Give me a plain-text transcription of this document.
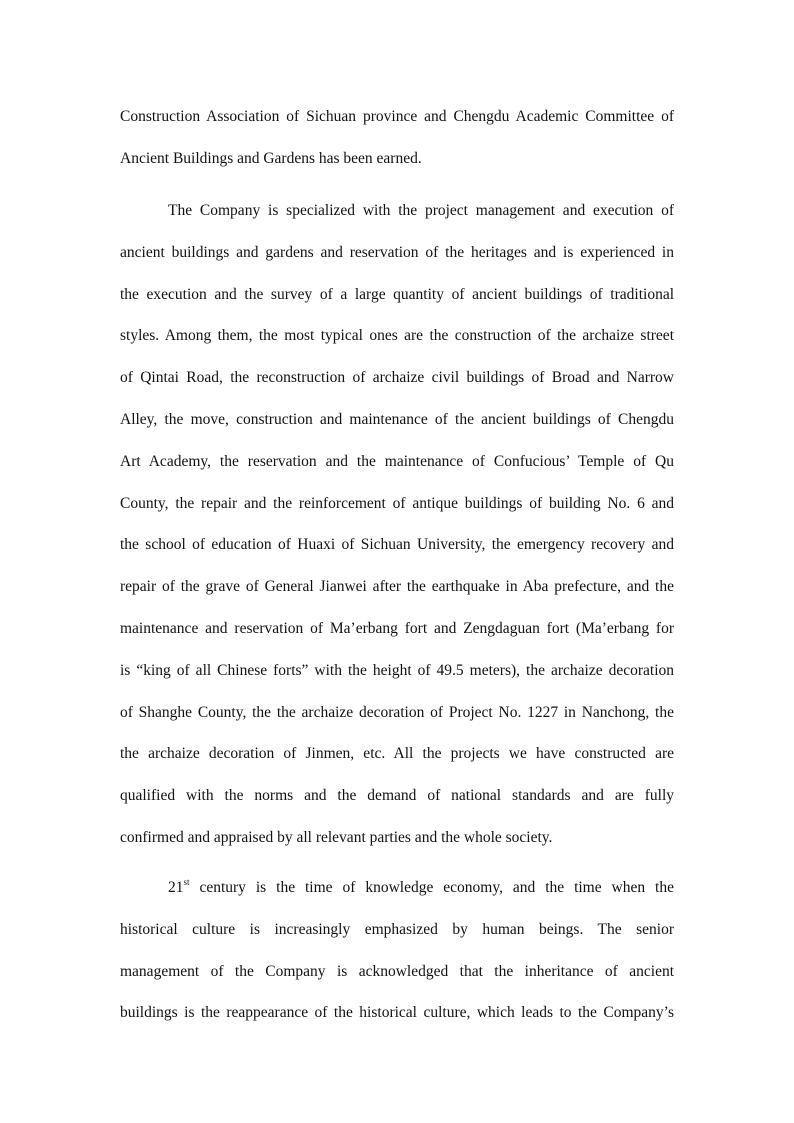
Construction Association of Sichuan province and Chengdu Academic Committee of

Ancient Buildings and Gardens has been earned.

The Company is specialized with the project management and execution of

ancient buildings and gardens and reservation of the heritages and is experienced in

the execution and the survey of a large quantity of ancient buildings of traditional

styles. Among them, the most typical ones are the construction of the archaize street

of Qintai Road, the reconstruction of archaize civil buildings of Broad and Narrow

Alley, the move, construction and maintenance of the ancient buildings of Chengdu

Art Academy, the reservation and the maintenance of Confucious’ Temple of Qu

County, the repair and the reinforcement of antique buildings of building No. 6 and

the school of education of Huaxi of Sichuan University, the emergency recovery and

repair of the grave of General Jianwei after the earthquake in Aba prefecture, and the

maintenance and reservation of Ma’erbang fort and Zengdaguan fort (Ma’erbang for

is “king of all Chinese forts” with the height of 49.5 meters), the archaize decoration

of Shanghe County, the the archaize decoration of Project No. 1227 in Nanchong, the

the archaize decoration of Jinmen, etc. All the projects we have constructed are

qualified with the norms and the demand of national standards and are fully

confirmed and appraised by all relevant parties and the whole society.

21st century is the time of knowledge economy, and the time when the

historical culture is increasingly emphasized by human beings. The senior

management of the Company is acknowledged that the inheritance of ancient

buildings is the reappearance of the historical culture, which leads to the Company’s
